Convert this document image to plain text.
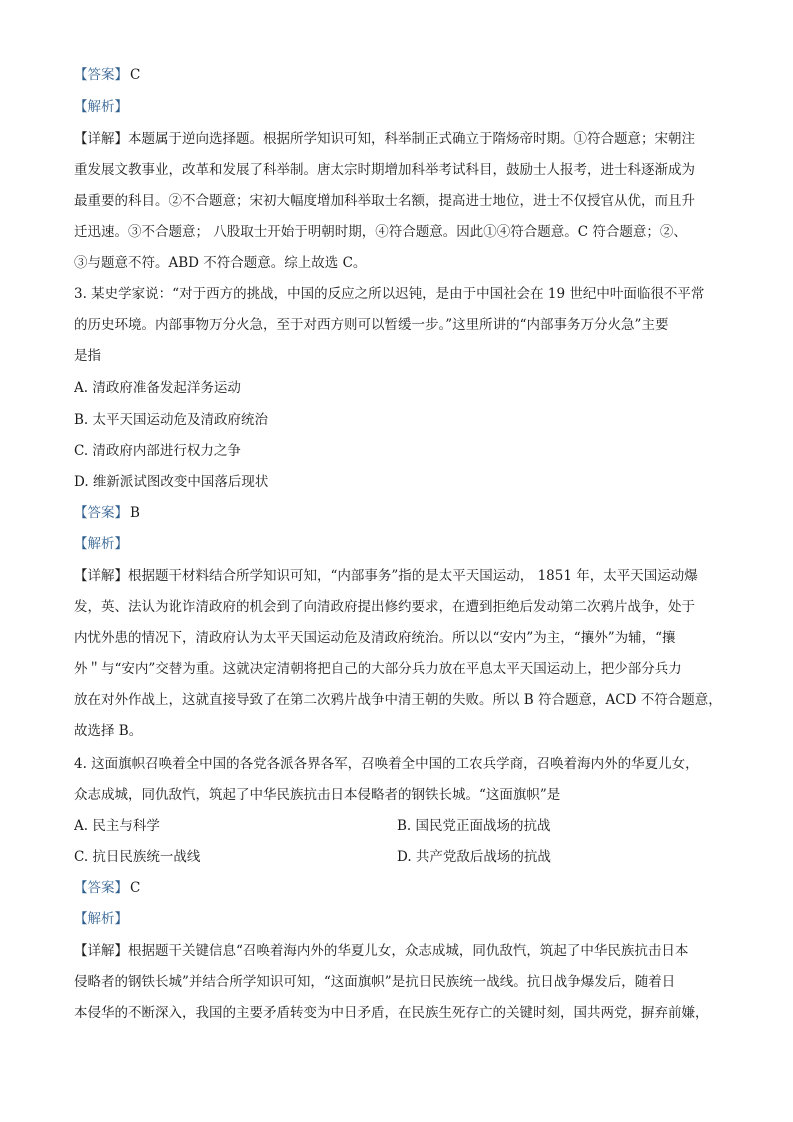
【答案】 C
【解析】
【详解】本题属于逆向选择题。根据所学知识可知，科举制正式确立于隋炀帝时期。①符合题意；宋朝注
重发展文教事业，改革和发展了科举制。唐太宗时期增加科举考试科目，鼓励士人报考，进士科逐渐成为
最重要的科目。②不合题意；宋初大幅度增加科举取士名额，提高进士地位，进士不仅授官从优，而且升
迁迅速。③不合题意； 八股取士开始于明朝时期，④符合题意。因此①④符合题意。C 符合题意；②、
③与题意不符。ABD 不符合题意。综上故选 C。
3. 某史学家说：“对于西方的挑战，中国的反应之所以迟钝，是由于中国社会在 19 世纪中叶面临很不平常
的历史环境。内部事物万分火急，至于对西方则可以暂缓一步。”这里所讲的“内部事务万分火急”主要
是指
A. 清政府准备发起洋务运动
B. 太平天国运动危及清政府统治
C. 清政府内部进行权力之争
D. 维新派试图改变中国落后现状
【答案】 B
【解析】
【详解】根据题干材料结合所学知识可知，“内部事务”指的是太平天国运动， 1851 年，太平天国运动爆
发，英、法认为讹诈清政府的机会到了向清政府提出修约要求，在遭到拒绝后发动第二次鸦片战争，处于
内忧外患的情况下，清政府认为太平天国运动危及清政府统治。所以以“安内”为主，“攘外”为辅，“攘
外＂与“安内”交替为重。这就决定清朝将把自己的大部分兵力放在平息太平天国运动上，把少部分兵力
放在对外作战上，这就直接导致了在第二次鸦片战争中清王朝的失败。所以 B 符合题意，ACD 不符合题意，
故选择 B。
4. 这面旗帜召唤着全中国的各党各派各界各军，召唤着全中国的工农兵学商，召唤着海内外的华夏儿女，
众志成城，同仇敌忾，筑起了中华民族抗击日本侵略者的钢铁长城。“这面旗帜”是
A. 民主与科学	B. 国民党正面战场的抗战
C. 抗日民族统一战线	D. 共产党敌后战场的抗战
【答案】 C
【解析】
【详解】根据题干关键信息“召唤着海内外的华夏儿女，众志成城，同仇敌忾，筑起了中华民族抗击日本
侵略者的钢铁长城”并结合所学知识可知，“这面旗帜”是抗日民族统一战线。抗日战争爆发后，随着日
本侵华的不断深入，我国的主要矛盾转变为中日矛盾，在民族生死存亡的关键时刻，国共两党，摒弃前嫌，
